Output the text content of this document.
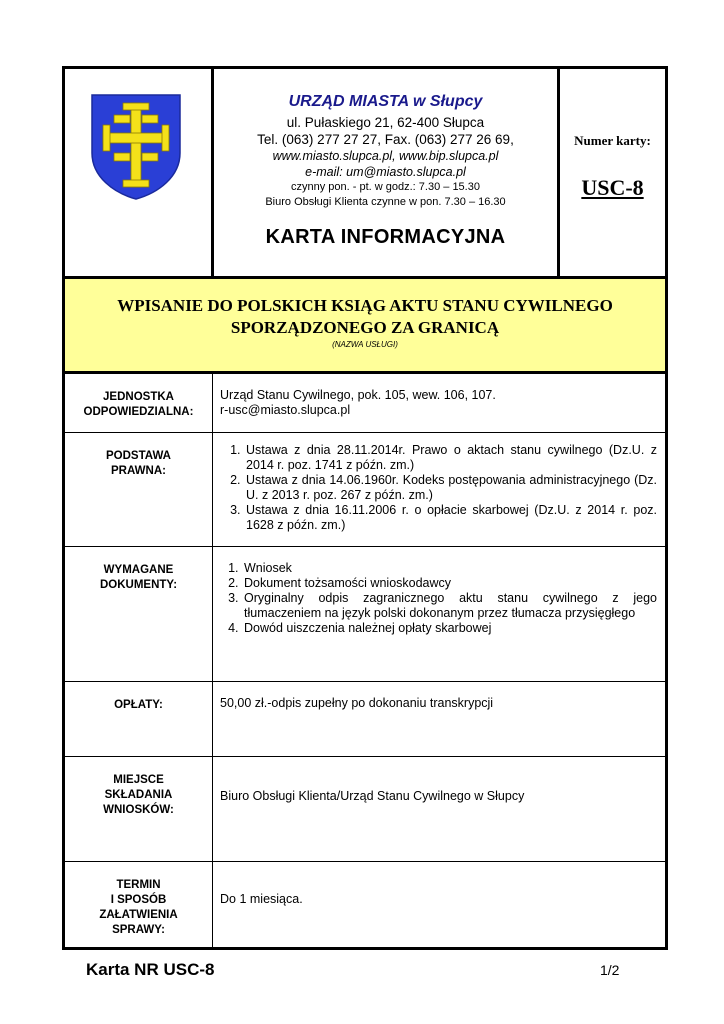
URZĄD MIASTA w Słupcy
ul. Pułaskiego 21, 62-400 Słupca
Tel. (063) 277 27 27, Fax. (063) 277 26 69,
www.miasto.slupca.pl, www.bip.slupca.pl
e-mail: um@miasto.slupca.pl
czynny pon. - pt. w godz.: 7.30 – 15.30
Biuro Obsługi Klienta czynne w pon. 7.30 – 16.30
KARTA INFORMACYJNA
Numer karty:
USC-8
WPISANIE DO POLSKICH KSIĄG AKTU STANU CYWILNEGO
SPORZĄDZONEGO ZA GRANICĄ
(NAZWA USŁUGI)
JEDNOSTKA
ODPOWIEDZIALNA:
Urząd Stanu Cywilnego, pok. 105, wew. 106, 107.
r-usc@miasto.slupca.pl
PODSTAWA
PRAWNA:
1. Ustawa z dnia 28.11.2014r. Prawo o aktach stanu cywilnego (Dz.U. z 2014 r. poz. 1741 z późn. zm.)
2. Ustawa z dnia 14.06.1960r. Kodeks postępowania administracyjnego (Dz. U. z 2013 r. poz. 267 z późn. zm.)
3. Ustawa z dnia 16.11.2006 r. o opłacie skarbowej (Dz.U. z 2014 r. poz. 1628 z późn. zm.)
WYMAGANE
DOKUMENTY:
1. Wniosek
2. Dokument tożsamości wnioskodawcy
3. Oryginalny odpis zagranicznego aktu stanu cywilnego z jego tłumaczeniem na język polski dokonanym przez tłumacza przysięgłego
4. Dowód uiszczenia należnej opłaty skarbowej
OPŁATY:	50,00 zł.-odpis zupełny po dokonaniu transkrypcji
MIEJSCE
SKŁADANIA
WNIOSKÓW:
Biuro Obsługi Klienta/Urząd Stanu Cywilnego w Słupcy
TERMIN
I SPOSÓB
ZAŁATWIENIA
SPRAWY:
Do 1 miesiąca.
Karta NR USC-8	1/2
